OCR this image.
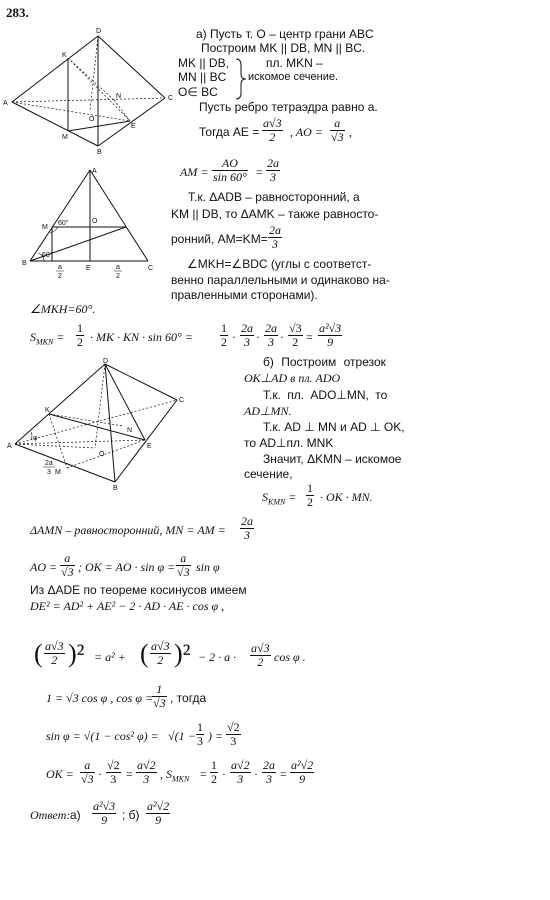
283.
D
K
A
N	C
O
M
E
B
A
M
60°	O
B
60°
E	C
a
2
a
2
а) Пусть т. O – центр грани ABC
Построим MK || DB, MN || BC.
MK || DB,
MN || BC
O∈ BC
пл. MKN –
искомое сечение.
Пусть ребро тетраэдра равно a.
Тогда AE = $\frac{a√3}{2}$ , AO = $\frac{a}{√3}$ ,
AM = $\frac{AO}{\sin 60^\circ} = \frac{2a}{3}$
Т.к. ΔADB – равносторонний, а
KM || DB, то ΔAMK – также равносто-
ронний, $AM=KM= \frac{2a}{3}$
∠MKH=∠BDC (углы с соответст-
венно параллельными и одинаково на-
правленными сторонами).
∠MKH=60°.
$S_{MKN} = \frac{1}{2}$ · MK · KN · $\sin 60^\circ = \frac{1}{2} \cdot \frac{2a}{3} \cdot \frac{2a}{3} \cdot \frac{√3}{2} = \frac{\text{a²√3}}{9}$
D
K
A
φ
M
N
C
O
E
B
2a
3
б) Построим отрезок
OK⊥AD в пл. ADO
Т.к. пл. ADO⊥MN, то
AD⊥MN.
Т.к. AD ⊥ MN и AD ⊥ OK,
то AD⊥пл. MNK
Значит, ΔKMN – искомое
сечение,
$S_{KMN} = \frac{1}{2}$ · OK · MN.
ΔAMN – равносторонний, MN = AM = $\frac{2a}{3}$
AO = $\frac{a}{√3}$ ; OK = AO · $\sin \varphi = \frac{a}{√3}$ sin φ
Из ΔADE по теореме косинусов имеем
DE² = AD² + AE² − 2 · AD · AE · cos φ ,
( $\frac{a√3}{2} )^2 = a^2$ + ( $\frac{a√3}{2} )^2 - 2 \cdot a \cdot \frac{a√3}{2}$ cos φ .
1 = √3 cos φ , cos φ =
$\frac{1}{√3}$ , тогда
sin φ = √(1 − cos² $\varphi) = √(1 - \frac{1}{3}$ ) = $\frac{√2}{3}$
OK = $\frac{a}{√3} \cdot \frac{√2}{3} = \frac{a√2}{3}$ , $S_{MKN} = \frac{1}{2} \cdot \frac{a√2}{3} \cdot \frac{2a}{3} = \frac{\text{a²√2}}{9}$
Ответ: $а) \frac{\text{a²√3}}{9}$ ; $б) \frac{\text{a²√2}}{9}$
